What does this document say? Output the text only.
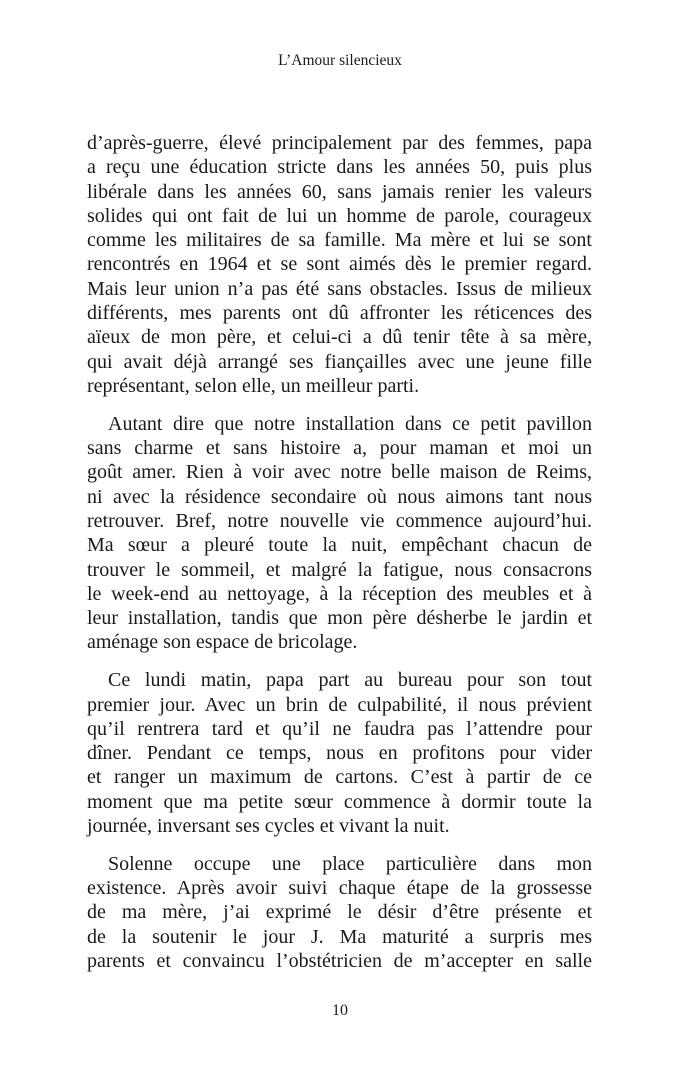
L’Amour silencieux

d’après-guerre, élevé principalement par des femmes, papa
a reçu une éducation stricte dans les années 50, puis plus
libérale dans les années 60, sans jamais renier les valeurs
solides qui ont fait de lui un homme de parole, courageux
comme les militaires de sa famille. Ma mère et lui se sont
rencontrés en 1964 et se sont aimés dès le premier regard.
Mais leur union n’a pas été sans obstacles. Issus de milieux
différents, mes parents ont dû affronter les réticences des
aïeux de mon père, et celui-ci a dû tenir tête à sa mère,
qui avait déjà arrangé ses fiançailles avec une jeune fille
représentant, selon elle, un meilleur parti.

Autant dire que notre installation dans ce petit pavillon
sans charme et sans histoire a, pour maman et moi un
goût amer. Rien à voir avec notre belle maison de Reims,
ni avec la résidence secondaire où nous aimons tant nous
retrouver. Bref, notre nouvelle vie commence aujourd’hui.
Ma sœur a pleuré toute la nuit, empêchant chacun de
trouver le sommeil, et malgré la fatigue, nous consacrons
le week-end au nettoyage, à la réception des meubles et à
leur installation, tandis que mon père désherbe le jardin et
aménage son espace de bricolage.

Ce lundi matin, papa part au bureau pour son tout
premier jour. Avec un brin de culpabilité, il nous prévient
qu’il rentrera tard et qu’il ne faudra pas l’attendre pour
dîner. Pendant ce temps, nous en profitons pour vider
et ranger un maximum de cartons. C’est à partir de ce
moment que ma petite sœur commence à dormir toute la
journée, inversant ses cycles et vivant la nuit.

Solenne occupe une place particulière dans mon
existence. Après avoir suivi chaque étape de la grossesse
de ma mère, j’ai exprimé le désir d’être présente et
de la soutenir le jour J. Ma maturité a surpris mes
parents et convaincu l’obstétricien de m’accepter en salle

10
